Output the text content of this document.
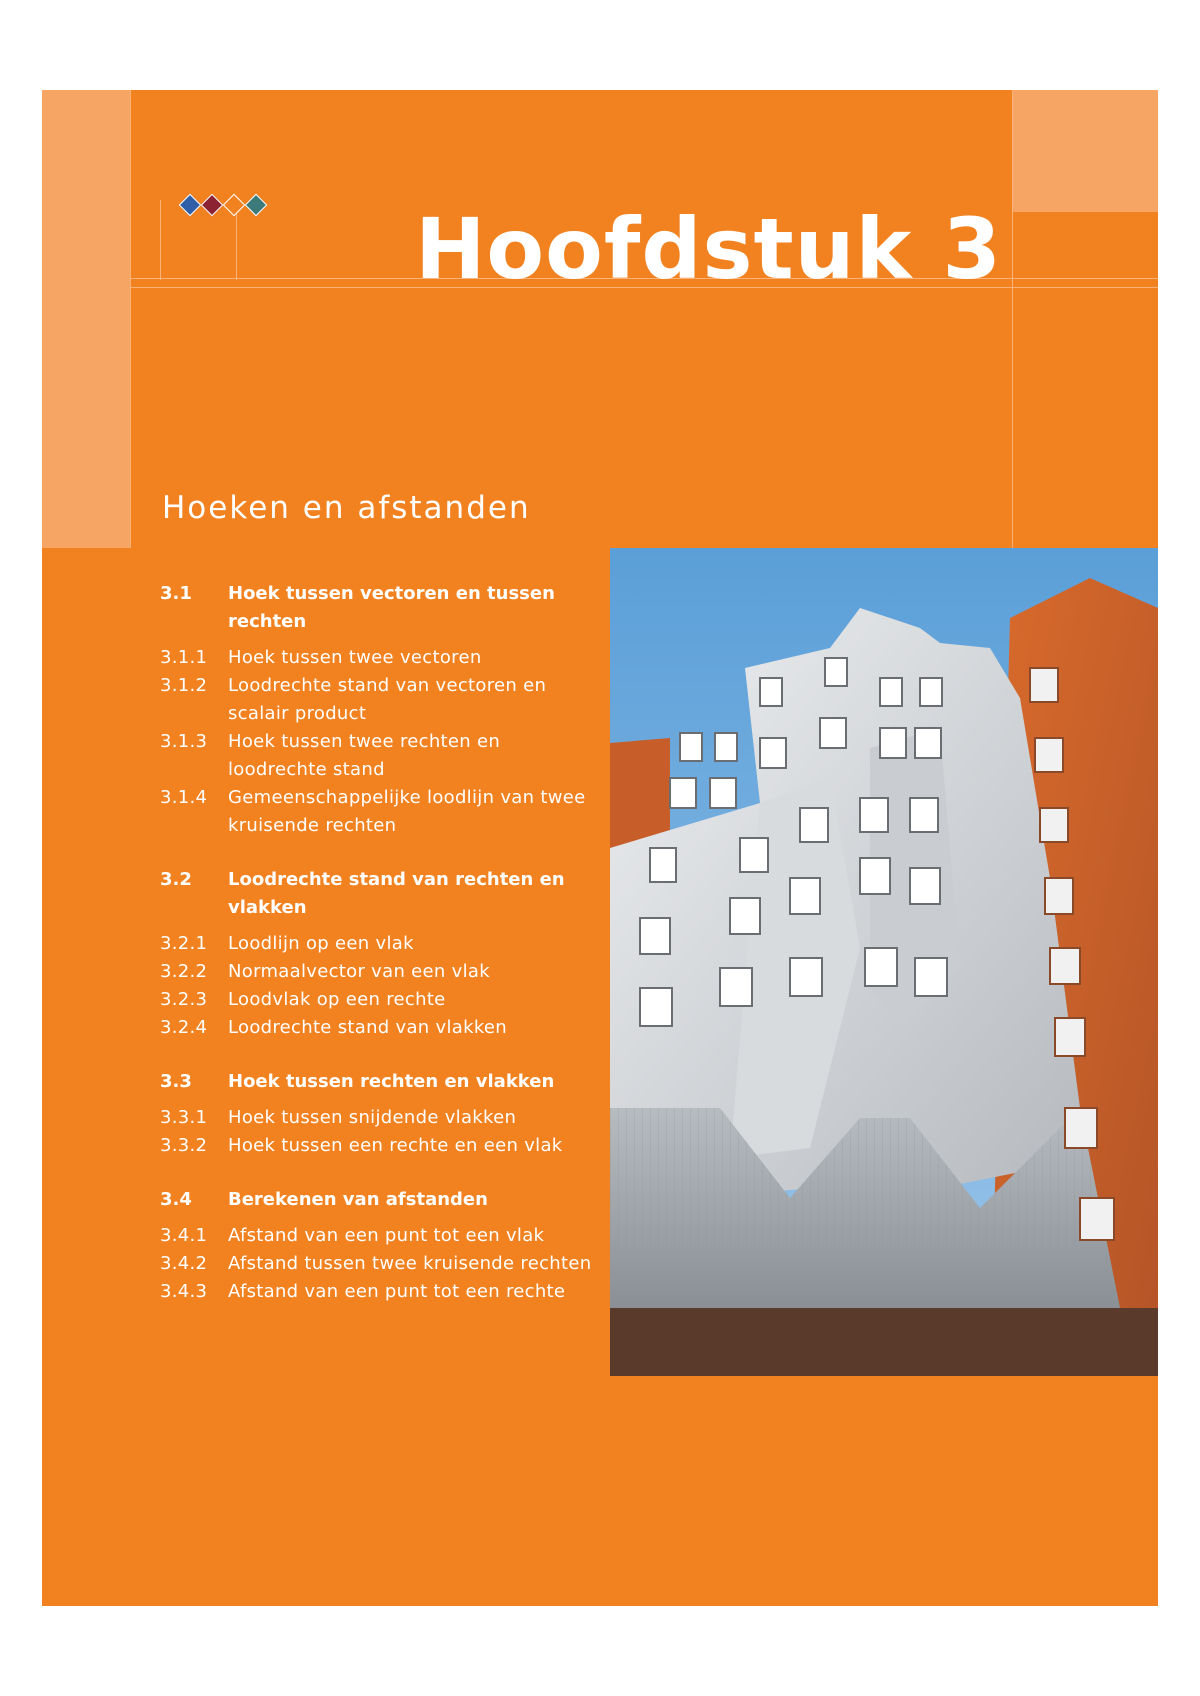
Hoofdstuk 3
Hoeken en afstanden
3.1	Hoek tussen vectoren en tussen rechten
3.1.1	Hoek tussen twee vectoren
3.1.2	Loodrechte stand van vectoren en scalair product
3.1.3	Hoek tussen twee rechten en loodrechte stand
3.1.4	Gemeenschappelijke loodlijn van twee kruisende rechten
3.2	Loodrechte stand van rechten en vlakken
3.2.1	Loodlijn op een vlak
3.2.2	Normaalvector van een vlak
3.2.3	Loodvlak op een rechte
3.2.4	Loodrechte stand van vlakken
3.3	Hoek tussen rechten en vlakken
3.3.1	Hoek tussen snijdende vlakken
3.3.2	Hoek tussen een rechte en een vlak
3.4	Berekenen van afstanden
3.4.1	Afstand van een punt tot een vlak
3.4.2	Afstand tussen twee kruisende rechten
3.4.3	Afstand van een punt tot een rechte
